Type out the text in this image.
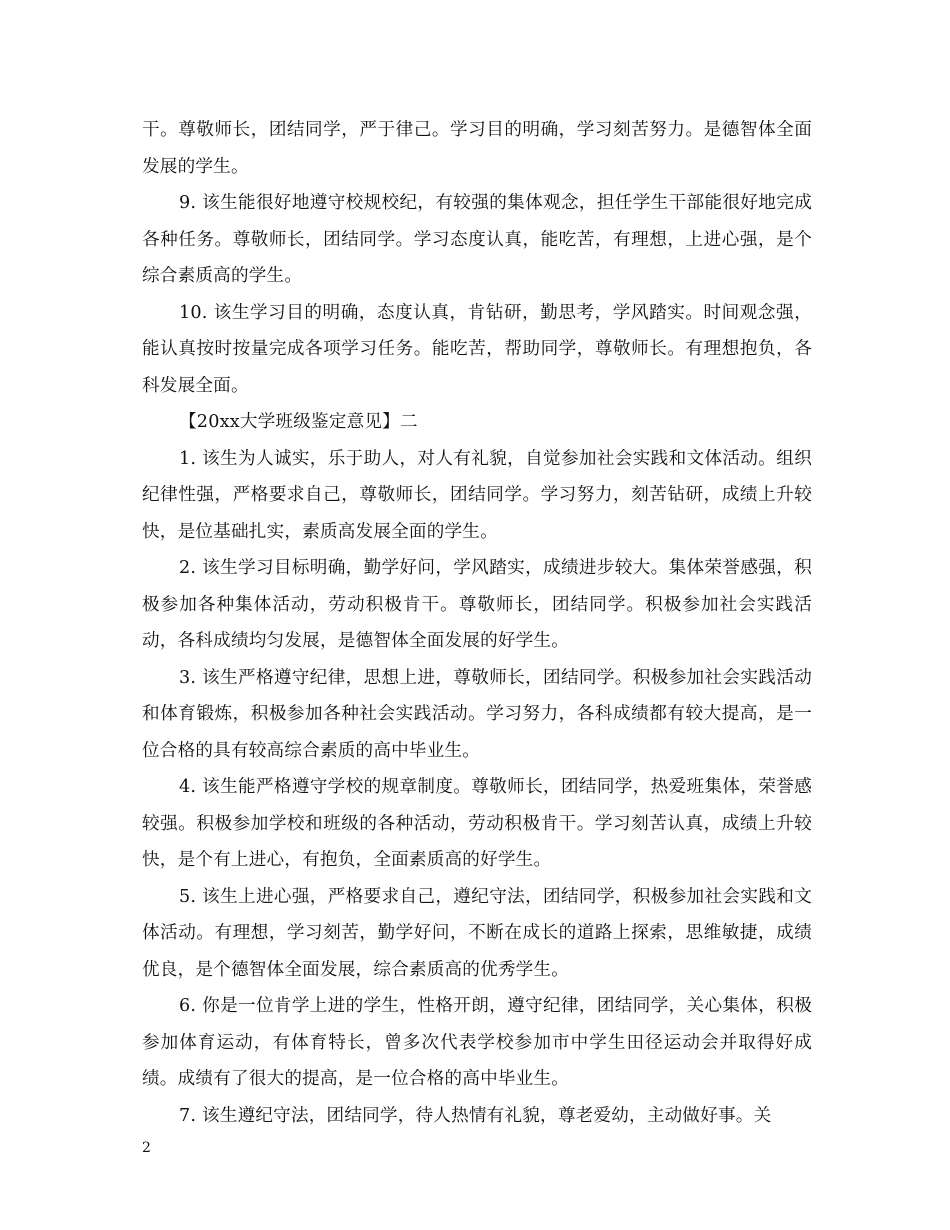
干。尊敬师长，团结同学，严于律己。学习目的明确，学习刻苦努力。是德智体全面发展的学生。

9. 该生能很好地遵守校规校纪，有较强的集体观念，担任学生干部能很好地完成各种任务。尊敬师长，团结同学。学习态度认真，能吃苦，有理想，上进心强，是个综合素质高的学生。

10. 该生学习目的明确，态度认真，肯钻研，勤思考，学风踏实。时间观念强，能认真按时按量完成各项学习任务。能吃苦，帮助同学，尊敬师长。有理想抱负，各科发展全面。

【20xx大学班级鉴定意见】二

1. 该生为人诚实，乐于助人，对人有礼貌，自觉参加社会实践和文体活动。组织纪律性强，严格要求自己，尊敬师长，团结同学。学习努力，刻苦钻研，成绩上升较快，是位基础扎实，素质高发展全面的学生。

2. 该生学习目标明确，勤学好问，学风踏实，成绩进步较大。集体荣誉感强，积极参加各种集体活动，劳动积极肯干。尊敬师长，团结同学。积极参加社会实践活动，各科成绩均匀发展，是德智体全面发展的好学生。

3. 该生严格遵守纪律，思想上进，尊敬师长，团结同学。积极参加社会实践活动和体育锻炼，积极参加各种社会实践活动。学习努力，各科成绩都有较大提高，是一位合格的具有较高综合素质的高中毕业生。

4. 该生能严格遵守学校的规章制度。尊敬师长，团结同学，热爱班集体，荣誉感较强。积极参加学校和班级的各种活动，劳动积极肯干。学习刻苦认真，成绩上升较快，是个有上进心，有抱负，全面素质高的好学生。

5. 该生上进心强，严格要求自己，遵纪守法，团结同学，积极参加社会实践和文体活动。有理想，学习刻苦，勤学好问，不断在成长的道路上探索，思维敏捷，成绩优良，是个德智体全面发展，综合素质高的优秀学生。

6. 你是一位肯学上进的学生，性格开朗，遵守纪律，团结同学，关心集体，积极参加体育运动，有体育特长，曾多次代表学校参加市中学生田径运动会并取得好成绩。成绩有了很大的提高，是一位合格的高中毕业生。

7. 该生遵纪守法，团结同学，待人热情有礼貌，尊老爱幼，主动做好事。关

2
